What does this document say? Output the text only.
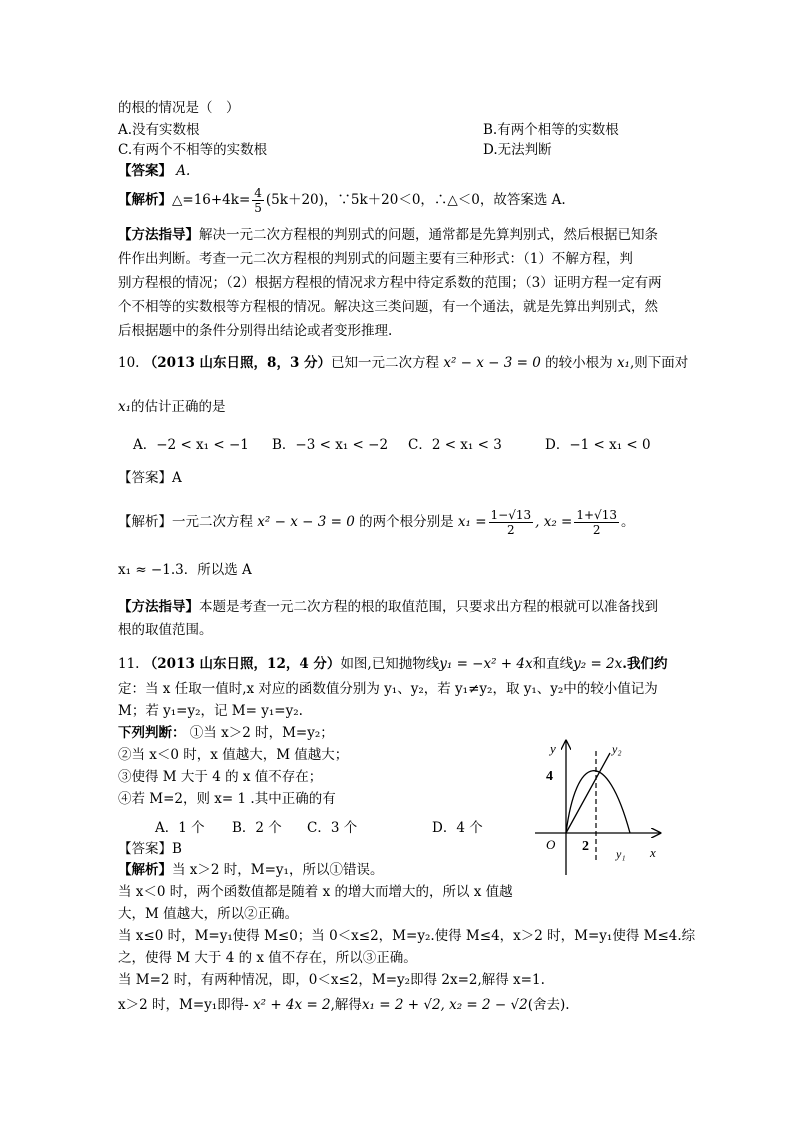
的根的情况是（　）
A.没有实数根	B.有两个相等的实数根
C.有两个不相等的实数根	D.无法判断
【答案】 A.
【解析】△=16+4k= $\frac{4}{5} (5k+20)$，∵5k＋20＜0，∴△＜0，故答案选 A.
【方法指导】解决一元二次方程根的判别式的问题，通常都是先算判别式，然后根据已知条
件作出判断。考查一元二次方程根的判别式的问题主要有三种形式：（1）不解方程，判
别方程根的情况；（2）根据方程根的情况求方程中待定系数的范围；（3）证明方程一定有两
个不相等的实数根等方程根的情况。解决这三类问题，有一个通法，就是先算出判别式，然
后根据题中的条件分别得出结论或者变形推理.
10. （2013 山东日照，8，3 分）已知一元二次方程 x² − x − 3 = 0 的较小根为 x₁,则下面对
x₁的估计正确的是
A．−2 < x₁ < −1 B．−3 < x₁ < −2 C．2 < x₁ < 3	D．−1 < x₁ < 0
【答案】A
【解析】一元二次方程 x² − x − 3 = 0 的两个根分别是 $x_1 = \frac{1-√13}{2}$ , $x_2 = \frac{1+√13}{2}$ 。
x₁ ≈ −1.3．所以选 A
【方法指导】本题是考查一元二次方程的根的取值范围，只要求出方程的根就可以准备找到
根的取值范围。
11. （2013 山东日照，12，4 分）如图,已知抛物线y₁ = −x² + 4x和直线y₂ = 2x.我们约
定：当 x 任取一值时,x 对应的函数值分别为 y₁、y₂，若 y₁≠y₂，取 y₁、y₂中的较小值记为
M；若 y₁=y₂，记 M= y₁=y₂.
下列判断： ①当 x＞2 时，M=y₂；
②当 x＜0 时，x 值越大，M 值越大；
③使得 M 大于 4 的 x 值不存在；
④若 M=2，则 x= 1 .其中正确的有
A．1 个 B．2 个 C．3 个	D．4 个
【答案】B
【解析】当 x＞2 时，M=y₁，所以①错误。
当 x＜0 时，两个函数值都是随着 x 的增大而增大的，所以 x 值越
大，M 值越大，所以②正确。
当 x≤0 时，M=y₁使得 M≤0；当 0＜x≤2，M=y₂.使得 M≤4，x＞2 时，M=y₁使得 M≤4.综
之，使得 M 大于 4 的 x 值不存在，所以③正确。
当 M=2 时，有两种情况，即，0＜x≤2，M=y₂即得 2x=2,解得 x=1.
x＞2 时，M=y₁即得- x² + 4x = 2,解得x₁ = 2 + √2, x₂ = 2 − √2(舍去).
y
x
O
4
2 y₁
y₂
